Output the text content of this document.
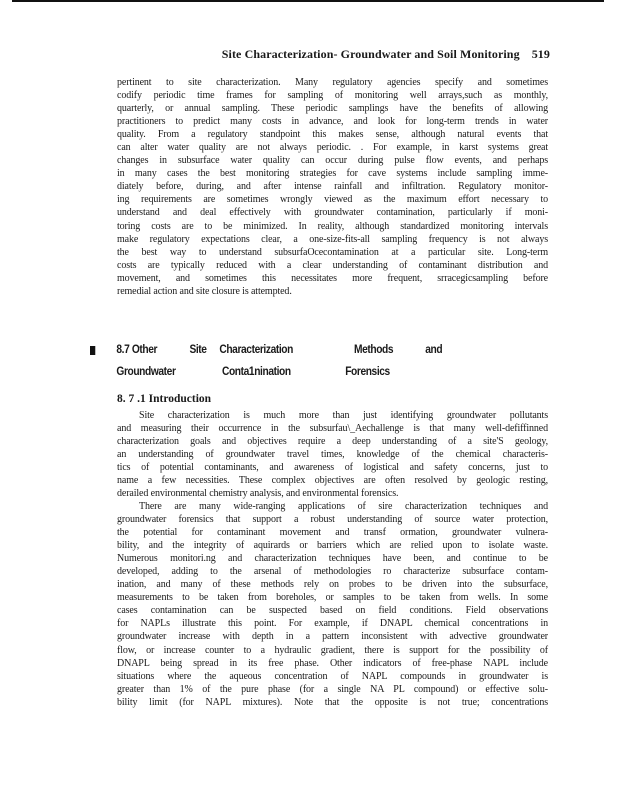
Site Characterization- Groundwater and Soil Monitoring 519

pertinent to site characterization. Many regulatory agencies specify and sometimes
codify periodic time frames for sampling of monitoring well arrays,such as monthly,
quarterly, or annual sampling. These periodic samplings have the benefits of allowing
practitioners to predict many costs in advance, and look for long-term trends in water
quality. From a regulatory standpoint this makes sense, although natural events that
can alter water quality are not always periodic. . For example, in karst systems great
changes in subsurface water quality can occur during pulse flow events, and perhaps
in many cases the best monitoring strategies for cave systems include sampling imme-
diately before, during, and after intense rainfall and infiltration. Regulatory monitor-
ing requirements are sometimes wrongly viewed as the maximum effort necessary to
understand and deal effectively with groundwater contamination, particularly if moni-
toring costs are to be minimized. In reality, although standardized monitoring intervals
make regulatory expectations clear, a one-size-fits-all sampling frequency is not always
the best way to understand subsurfaOcecontamination at a particular site. Long-term
costs are typically reduced with a clear understanding of contaminant distribution and
movement, and sometimes this necessitates more frequent, srracegicsampling before
remedial action and site closure is attempted.

8.7 Other	Site Characterization	Methods	and
Groundwater	Conta1nination	Forensics
8. 7 .1 Introduction

Site characterization is much more than just identifying groundwater pollutants
and measuring their occurrence in the subsurfau\_Aechallenge is that many well-defiffinned
characterization goals and objectives require a deep understanding of a site'S geology,
an understanding of groundwater travel times, knowledge of the chemical characteris-
tics of potential contaminants, and awareness of logistical and safety concerns, just to
name a few necessities. These complex objectives are often resolved by geologic resting,
derailed environmental chemistry analysis, and environmental forensics.

There are many wide-ranging applications of sire characterization techniques and
groundwater forensics that support a robust understanding of source water protection,
the potential for contaminant movement and transf ormation, groundwater vulnera-
bility, and the integrity of aquirards or barriers which are relied upon to isolate waste.
Numerous monitori.ng and characterization techniques have been, and continue to be
developed, adding to the arsenal of methodologies ro characterize subsurface contam-
ination, and many of these methods rely on probes to be driven into the subsurface,
measurements to be taken from boreholes, or samples to be taken from wells. In some
cases contamination can be suspected based on field conditions. Field observations
for NAPLs illustrate this point. For example, if DNAPL chemical concentrations in
groundwater increase with depth in a pattern inconsistent with advective groundwater
flow, or increase counter to a hydraulic gradient, there is support for the possibility of
DNAPL being spread in its free phase. Other indicators of free-phase NAPL include
situations where the aqueous concentration of NAPL compounds in groundwater is
greater than 1% of the pure phase (for a single NA PL compound) or effective solu-
bility limit (for NAPL mixtures). Note that the opposite is not true; concentrations
